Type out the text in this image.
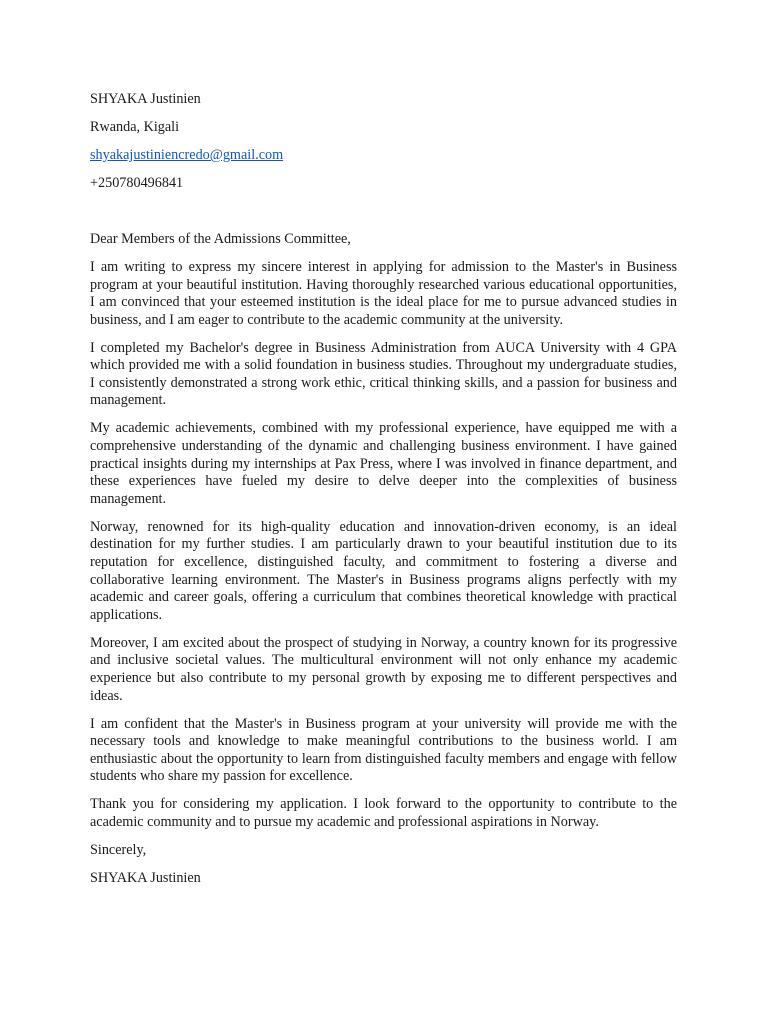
SHYAKA Justinien
Rwanda, Kigali
shyakajustiniencredo@gmail.com
+250780496841
Dear Members of the Admissions Committee,

I am writing to express my sincere interest in applying for admission to the Master's in Business program at your beautiful institution. Having thoroughly researched various educational opportunities, I am convinced that your esteemed institution is the ideal place for me to pursue advanced studies in business, and I am eager to contribute to the academic community at the university.

I completed my Bachelor's degree in Business Administration from AUCA University with 4 GPA which provided me with a solid foundation in business studies. Throughout my undergraduate studies, I consistently demonstrated a strong work ethic, critical thinking skills, and a passion for business and management.

My academic achievements, combined with my professional experience, have equipped me with a comprehensive understanding of the dynamic and challenging business environment. I have gained practical insights during my internships at Pax Press, where I was involved in finance department, and these experiences have fueled my desire to delve deeper into the complexities of business management.

Norway, renowned for its high-quality education and innovation-driven economy, is an ideal destination for my further studies. I am particularly drawn to your beautiful institution due to its reputation for excellence, distinguished faculty, and commitment to fostering a diverse and collaborative learning environment. The Master's in Business programs aligns perfectly with my academic and career goals, offering a curriculum that combines theoretical knowledge with practical applications.

Moreover, I am excited about the prospect of studying in Norway, a country known for its progressive and inclusive societal values. The multicultural environment will not only enhance my academic experience but also contribute to my personal growth by exposing me to different perspectives and ideas.

I am confident that the Master's in Business program at your university will provide me with the necessary tools and knowledge to make meaningful contributions to the business world. I am enthusiastic about the opportunity to learn from distinguished faculty members and engage with fellow students who share my passion for excellence.

Thank you for considering my application. I look forward to the opportunity to contribute to the academic community and to pursue my academic and professional aspirations in Norway.

Sincerely,
SHYAKA Justinien
